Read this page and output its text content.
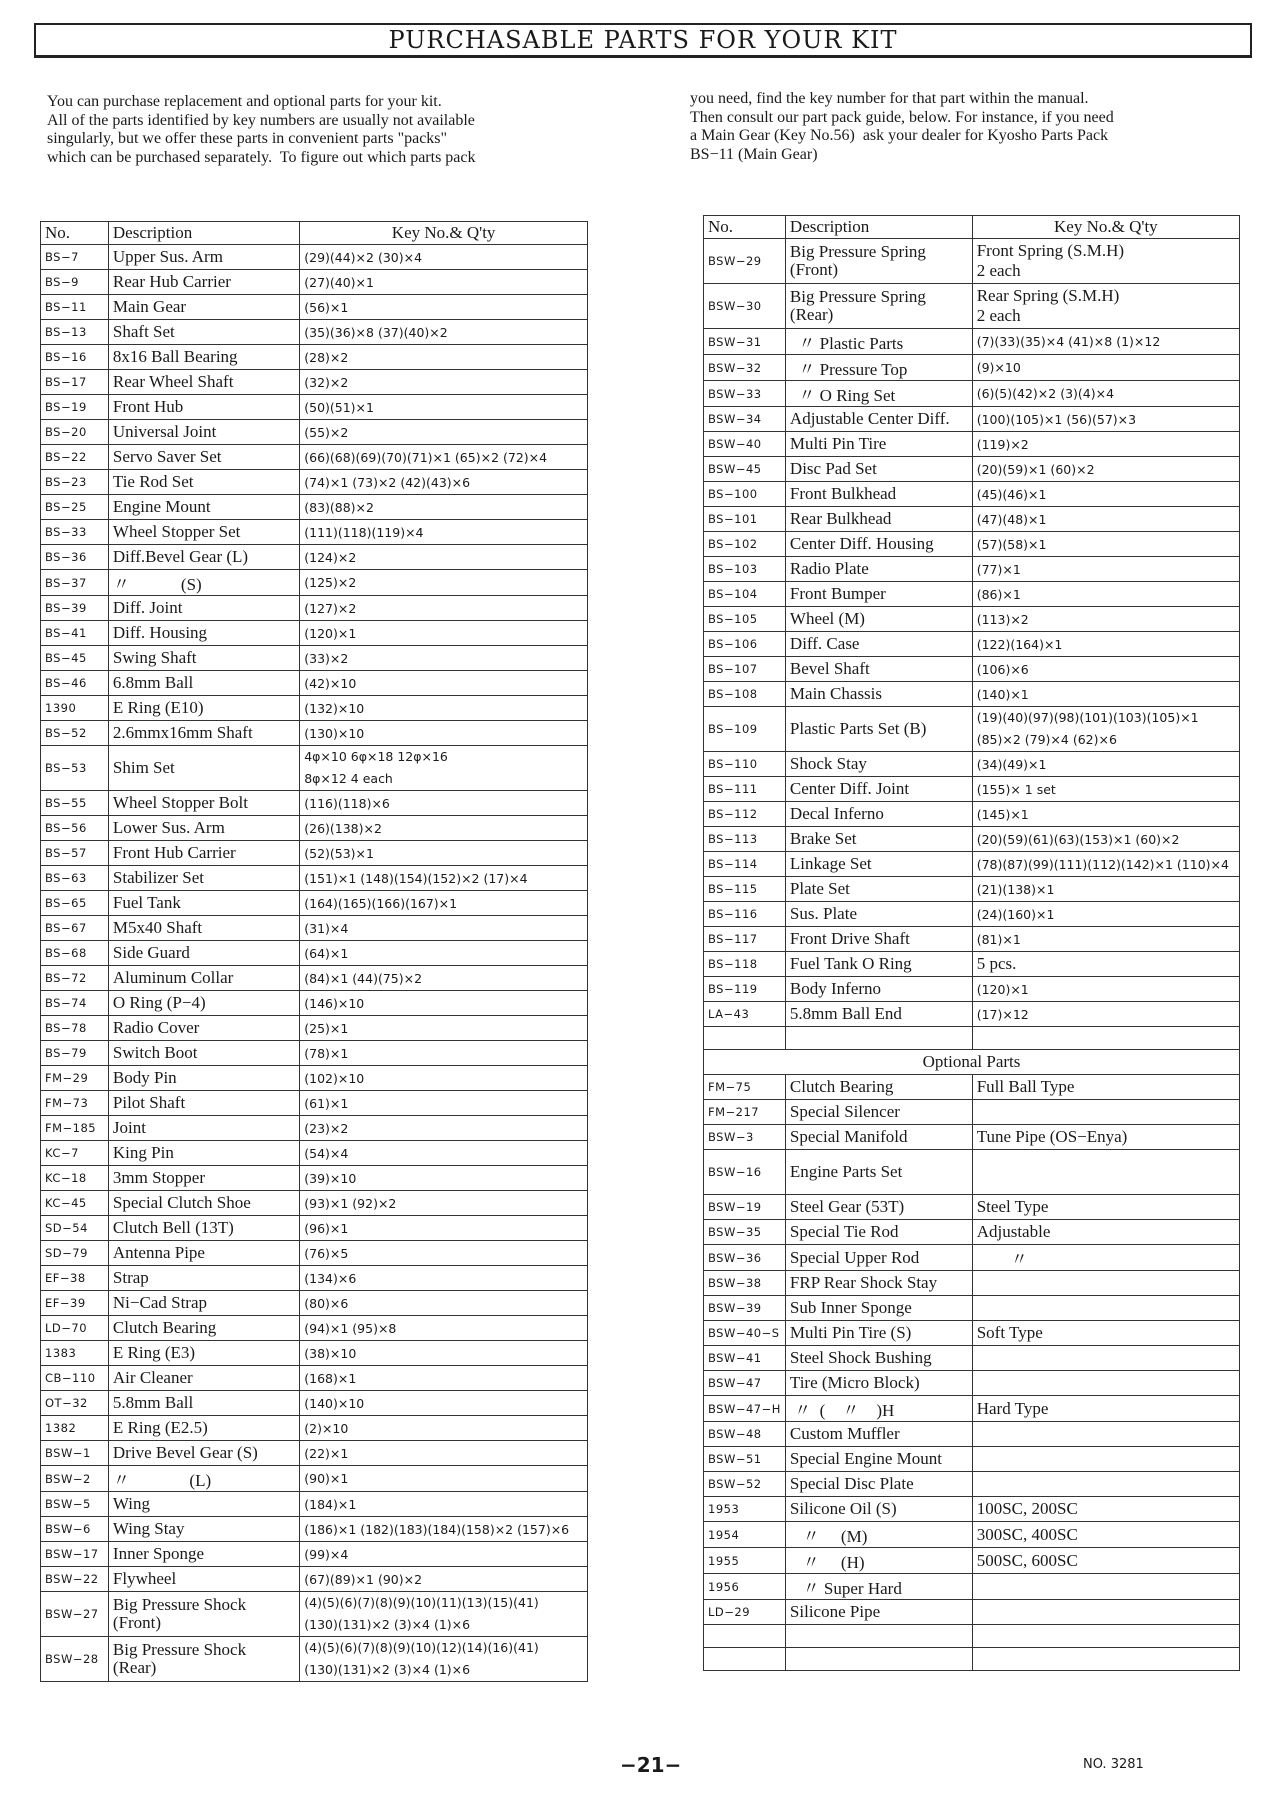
PURCHASABLE PARTS FOR YOUR KIT
You can purchase replacement and optional parts for your kit.
All of the parts identified by key numbers are usually not available
singularly, but we offer these parts in convenient parts "packs"
which can be purchased separately.  To figure out which parts pack
you need, find the key number for that part within the manual.
Then consult our part pack guide, below. For instance, if you need
a Main Gear (Key No.56)  ask your dealer for Kyosho Parts Pack
BS−11 (Main Gear)
No.	Description	Key No.& Q'ty
BS−7	Upper Sus. Arm	(29)(44)×2 (30)×4
BS−9	Rear Hub Carrier	(27)(40)×1
BS−11	Main Gear	(56)×1
BS−13	Shaft Set	(35)(36)×8 (37)(40)×2
BS−16	8x16 Ball Bearing	(28)×2
BS−17	Rear Wheel Shaft	(32)×2
BS−19	Front Hub	(50)(51)×1
BS−20	Universal Joint	(55)×2
BS−22	Servo Saver Set	(66)(68)(69)(70)(71)×1 (65)×2 (72)×4
BS−23	Tie Rod Set	(74)×1 (73)×2 (42)(43)×6
BS−25	Engine Mount	(83)(88)×2
BS−33	Wheel Stopper Set	(111)(118)(119)×4
BS−36	Diff.Bevel Gear (L)	(124)×2
BS−37	〃            (S)	(125)×2
BS−39	Diff. Joint	(127)×2
BS−41	Diff. Housing	(120)×1
BS−45	Swing Shaft	(33)×2
BS−46	6.8mm Ball	(42)×10
1390	E Ring (E10)	(132)×10
BS−52	2.6mmx16mm Shaft	(130)×10
BS−53	Shim Set	4φ×10 6φ×18 12φ×16
8φ×12 4 each
BS−55	Wheel Stopper Bolt	(116)(118)×6
BS−56	Lower Sus. Arm	(26)(138)×2
BS−57	Front Hub Carrier	(52)(53)×1
BS−63	Stabilizer Set	(151)×1 (148)(154)(152)×2 (17)×4
BS−65	Fuel Tank	(164)(165)(166)(167)×1
BS−67	M5x40 Shaft	(31)×4
BS−68	Side Guard	(64)×1
BS−72	Aluminum Collar	(84)×1 (44)(75)×2
BS−74	O Ring (P−4)	(146)×10
BS−78	Radio Cover	(25)×1
BS−79	Switch Boot	(78)×1
FM−29	Body Pin	(102)×10
FM−73	Pilot Shaft	(61)×1
FM−185	Joint	(23)×2
KC−7	King Pin	(54)×4
KC−18	3mm Stopper	(39)×10
KC−45	Special Clutch Shoe	(93)×1 (92)×2
SD−54	Clutch Bell (13T)	(96)×1
SD−79	Antenna Pipe	(76)×5
EF−38	Strap	(134)×6
EF−39	Ni−Cad Strap	(80)×6
LD−70	Clutch Bearing	(94)×1 (95)×8
1383	E Ring (E3)	(38)×10
CB−110	Air Cleaner	(168)×1
OT−32	5.8mm Ball	(140)×10
1382	E Ring (E2.5)	(2)×10
BSW−1	Drive Bevel Gear (S)	(22)×1
BSW−2	〃              (L)	(90)×1
BSW−5	Wing	(184)×1
BSW−6	Wing Stay	(186)×1 (182)(183)(184)(158)×2 (157)×6
BSW−17	Inner Sponge	(99)×4
BSW−22	Flywheel	(67)(89)×1 (90)×2
BSW−27	Big Pressure Shock
(Front)	(4)(5)(6)(7)(8)(9)(10)(11)(13)(15)(41)
(130)(131)×2 (3)×4 (1)×6
BSW−28	Big Pressure Shock
(Rear)	(4)(5)(6)(7)(8)(9)(10)(12)(14)(16)(41)
(130)(131)×2 (3)×4 (1)×6
No.	Description	Key No.& Q'ty
BSW−29	Big Pressure Spring
(Front)	Front Spring (S.M.H)
2 each
BSW−30	Big Pressure Spring
(Rear)	Rear Spring (S.M.H)
2 each
BSW−31	〃 Plastic Parts	(7)(33)(35)×4 (41)×8 (1)×12
BSW−32	〃 Pressure Top	(9)×10
BSW−33	〃 O Ring Set	(6)(5)(42)×2 (3)(4)×4
BSW−34	Adjustable Center Diff.	(100)(105)×1 (56)(57)×3
BSW−40	Multi Pin Tire	(119)×2
BSW−45	Disc Pad Set	(20)(59)×1 (60)×2
BS−100	Front Bulkhead	(45)(46)×1
BS−101	Rear Bulkhead	(47)(48)×1
BS−102	Center Diff. Housing	(57)(58)×1
BS−103	Radio Plate	(77)×1
BS−104	Front Bumper	(86)×1
BS−105	Wheel (M)	(113)×2
BS−106	Diff. Case	(122)(164)×1
BS−107	Bevel Shaft	(106)×6
BS−108	Main Chassis	(140)×1
BS−109	Plastic Parts Set (B)	(19)(40)(97)(98)(101)(103)(105)×1
(85)×2 (79)×4 (62)×6
BS−110	Shock Stay	(34)(49)×1
BS−111	Center Diff. Joint	(155)× 1 set
BS−112	Decal Inferno	(145)×1
BS−113	Brake Set	(20)(59)(61)(63)(153)×1 (60)×2
BS−114	Linkage Set	(78)(87)(99)(111)(112)(142)×1 (110)×4
BS−115	Plate Set	(21)(138)×1
BS−116	Sus. Plate	(24)(160)×1
BS−117	Front Drive Shaft	(81)×1
BS−118	Fuel Tank O Ring	5 pcs.
BS−119	Body Inferno	(120)×1
LA−43	5.8mm Ball End	(17)×12

Optional Parts		
FM−75	Clutch Bearing	Full Ball Type
FM−217	Special Silencer	
BSW−3	Special Manifold	Tune Pipe (OS−Enya)
BSW−16	Engine Parts Set	
BSW−19	Steel Gear (53T)	Steel Type
BSW−35	Special Tie Rod	Adjustable
BSW−36	Special Upper Rod	〃
BSW−38	FRP Rear Shock Stay	
BSW−39	Sub Inner Sponge	
BSW−40−S	Multi Pin Tire (S)	Soft Type
BSW−41	Steel Shock Bushing	
BSW−47	Tire (Micro Block)	
BSW−47−H	〃  (    〃    )H	Hard Type
BSW−48	Custom Muffler	
BSW−51	Special Engine Mount	
BSW−52	Special Disc Plate	
1953	Silicone Oil (S)	100SC, 200SC
1954	〃     (M)	300SC, 400SC
1955	〃     (H)	500SC, 600SC
1956	〃 Super Hard	
LD−29	Silicone Pipe	

−21−	NO. 3281
